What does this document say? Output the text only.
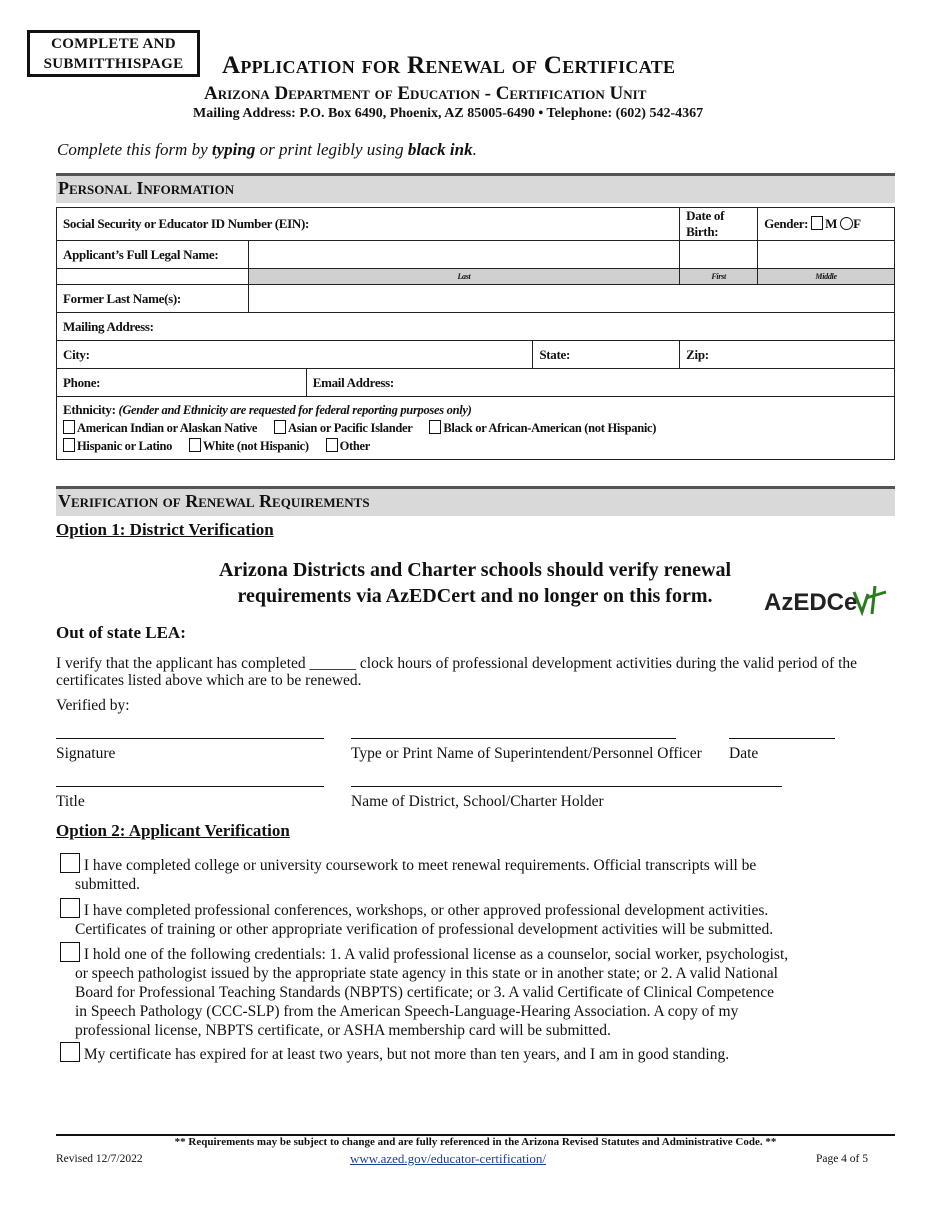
COMPLETE AND
SUBMITTHISPAGE	Application for Renewal of Certificate
Arizona Department of Education - Certification Unit
Mailing Address: P.O. Box 6490, Phoenix, AZ 85005-6490 • Telephone: (602) 542-4367
Complete this form by typing or print legibly using black ink.
Personal Information
Social Security or Educator ID Number (EIN):				Date of Birth:	Gender: M F
Applicant’s Full Legal Name:					
	Last			First	Middle
Former Last Name(s):					
Mailing Address:					
City:			State:	Zip:	
Phone:		Email Address:			
Ethnicity: (Gender and Ethnicity are requested for federal reporting purposes only)
American Indian or Alaskan Native Asian or Pacific Islander Black or African-American (not Hispanic)
Hispanic or Latino White (not Hispanic) Other					
Verification of Renewal Requirements
Option 1: District Verification
Arizona Districts and Charter schools should verify renewal
requirements via AzEDCert and no longer on this form.	AzEDCe
Out of state LEA:
I verify that the applicant has completed ______ clock hours of professional development activities during the valid period of the
certificates listed above which are to be renewed.
Verified by:
Signature	Type or Print Name of Superintendent/Personnel Officer Date
Title	Name of District, School/Charter Holder
Option 2: Applicant Verification
I have completed college or university coursework to meet renewal requirements. Official transcripts will be
submitted.
I have completed professional conferences, workshops, or other approved professional development activities.
Certificates of training or other appropriate verification of professional development activities will be submitted.
I hold one of the following credentials: 1. A valid professional license as a counselor, social worker, psychologist,
or speech pathologist issued by the appropriate state agency in this state or in another state; or 2. A valid National
Board for Professional Teaching Standards (NBPTS) certificate; or 3. A valid Certificate of Clinical Competence
in Speech Pathology (CCC-SLP) from the American Speech-Language-Hearing Association. A copy of my
professional license, NBPTS certificate, or ASHA membership card will be submitted.
My certificate has expired for at least two years, but not more than ten years, and I am in good standing.
** Requirements may be subject to change and are fully referenced in the Arizona Revised Statutes and Administrative Code. **
Revised 12/7/2022	www.azed.gov/educator-certification/	Page 4 of 5
